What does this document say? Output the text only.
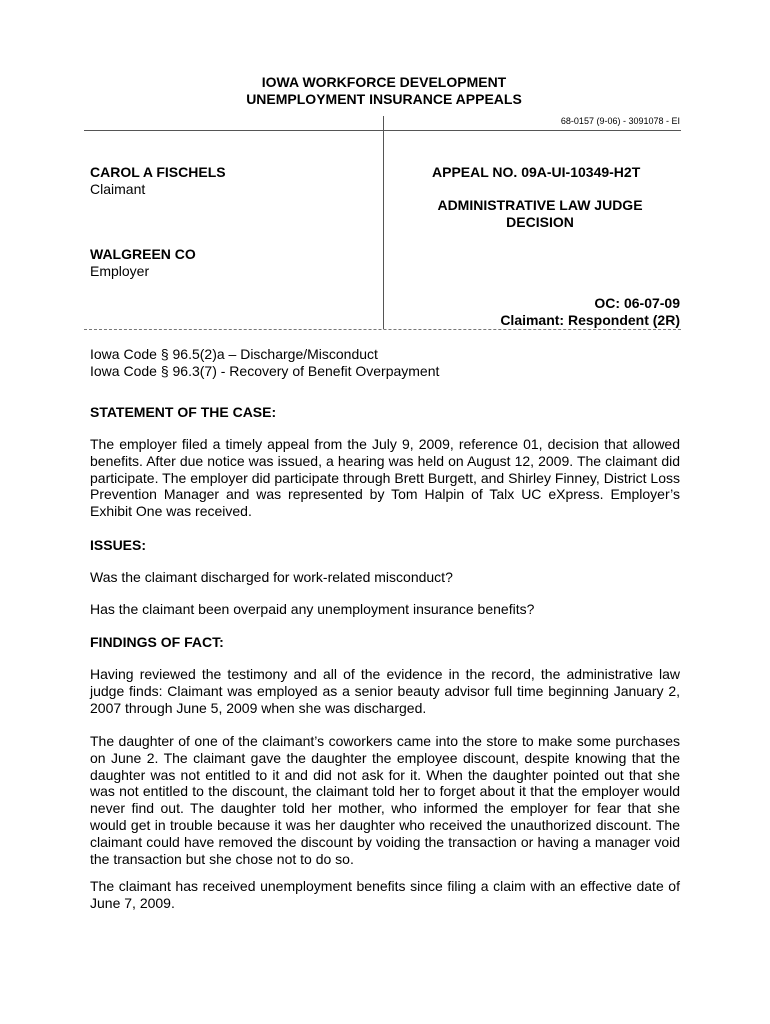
IOWA WORKFORCE DEVELOPMENT
UNEMPLOYMENT INSURANCE APPEALS
68-0157 (9-06) - 3091078 - EI
CAROL A FISCHELS
Claimant
WALGREEN CO
Employer
APPEAL NO. 09A-UI-10349-H2T
ADMINISTRATIVE LAW JUDGE
DECISION
OC: 06-07-09
Claimant: Respondent (2R)
Iowa Code § 96.5(2)a – Discharge/Misconduct
Iowa Code § 96.3(7) - Recovery of Benefit Overpayment
STATEMENT OF THE CASE:
The employer filed a timely appeal from the July 9, 2009, reference 01, decision that allowed benefits. After due notice was issued, a hearing was held on August 12, 2009. The claimant did participate. The employer did participate through Brett Burgett, and Shirley Finney, District Loss Prevention Manager and was represented by Tom Halpin of Talx UC eXpress. Employer’s Exhibit One was received.
ISSUES:
Was the claimant discharged for work-related misconduct?
Has the claimant been overpaid any unemployment insurance benefits?
FINDINGS OF FACT:
Having reviewed the testimony and all of the evidence in the record, the administrative law judge finds: Claimant was employed as a senior beauty advisor full time beginning January 2, 2007 through June 5, 2009 when she was discharged.
The daughter of one of the claimant’s coworkers came into the store to make some purchases on June 2. The claimant gave the daughter the employee discount, despite knowing that the daughter was not entitled to it and did not ask for it. When the daughter pointed out that she was not entitled to the discount, the claimant told her to forget about it that the employer would never find out. The daughter told her mother, who informed the employer for fear that she would get in trouble because it was her daughter who received the unauthorized discount. The claimant could have removed the discount by voiding the transaction or having a manager void the transaction but she chose not to do so.
The claimant has received unemployment benefits since filing a claim with an effective date of June 7, 2009.
